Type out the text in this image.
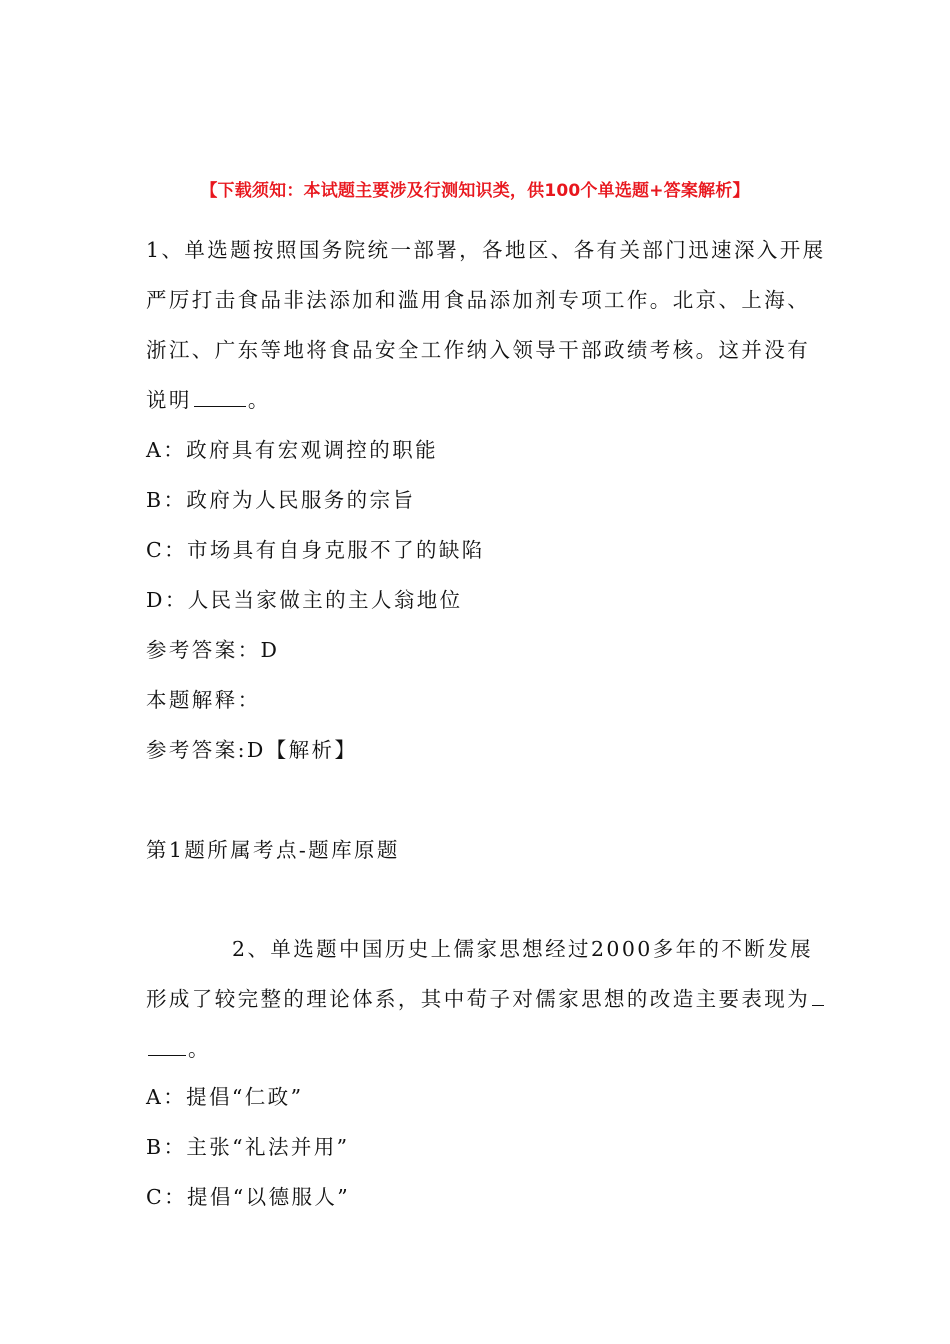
【下载须知：本试题主要涉及行测知识类，供100个单选题+答案解析】
1、单选题按照国务院统一部署，各地区、各有关部门迅速深入开展
严厉打击食品非法添加和滥用食品添加剂专项工作。北京、上海、
浙江、广东等地将食品安全工作纳入领导干部政绩考核。这并没有
说明	。
A：政府具有宏观调控的职能
B：政府为人民服务的宗旨
C：市场具有自身克服不了的缺陷
D：人民当家做主的主人翁地位
参考答案：D
本题解释：
参考答案:D【解析】
第1题所属考点-题库原题
2、单选题中国历史上儒家思想经过2000多年的不断发展
形成了较完整的理论体系，其中荀子对儒家思想的改造主要表现为
。
A：提倡“仁政”
B：主张“礼法并用”
C：提倡“以德服人”
